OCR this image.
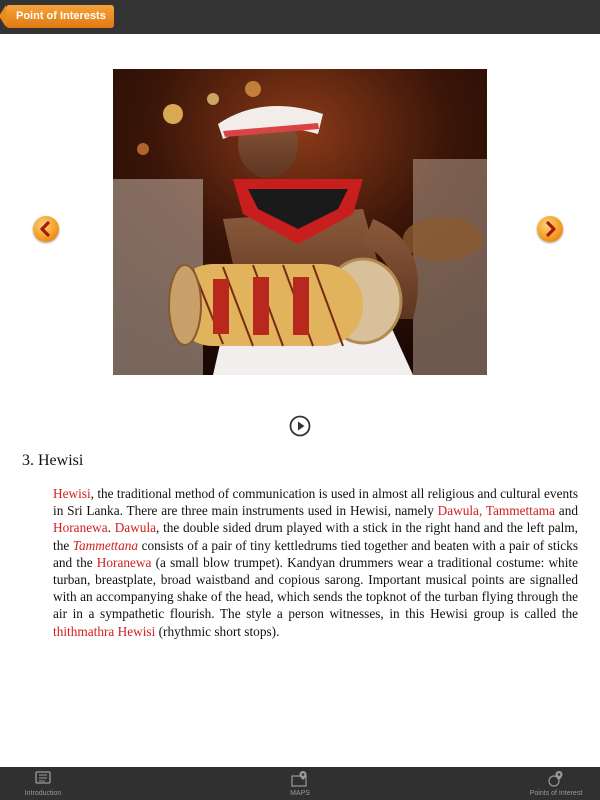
Point of Interests
3. Hewisi
Hewisi, the traditional method of communication is used in almost all religious and cultural events in Sri Lanka. There are three main instruments used in Hewisi, namely Dawula, Tammettama and Horanewa. Dawula, the double sided drum played with a stick in the right hand and the left palm, the Tammettana consists of a pair of tiny kettledrums tied together and beaten with a pair of sticks and the Horanewa (a small blow trumpet). Kandyan drummers wear a traditional costume: white turban, breastplate, broad waistband and copious sarong. Important musical points are signalled with an accompanying shake of the head, which sends the topknot of the turban flying through the air in a sympathetic flourish. The style a person witnesses, in this Hewisi group is called the thithmathra Hewisi (rhythmic short stops).
Introduction	MAPS	Points of Interest
